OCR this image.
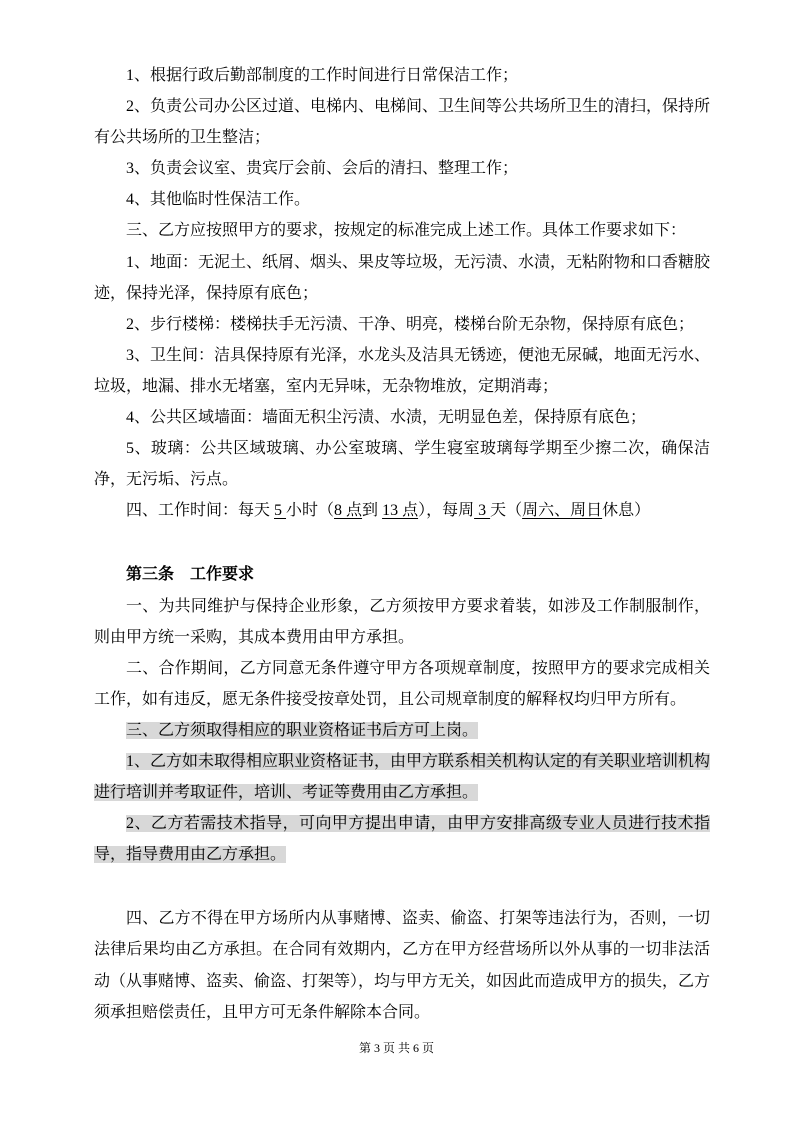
1、根据行政后勤部制度的工作时间进行日常保洁工作；

2、负责公司办公区过道、电梯内、电梯间、卫生间等公共场所卫生的清扫，保持所有公共场所的卫生整洁；

3、负责会议室、贵宾厅会前、会后的清扫、整理工作；

4、其他临时性保洁工作。

三、乙方应按照甲方的要求，按规定的标准完成上述工作。具体工作要求如下：

1、地面：无泥土、纸屑、烟头、果皮等垃圾，无污渍、水渍，无粘附物和口香糖胶迹，保持光泽，保持原有底色；

2、步行楼梯：楼梯扶手无污渍、干净、明亮，楼梯台阶无杂物，保持原有底色；

3、卫生间：洁具保持原有光泽，水龙头及洁具无锈迹，便池无尿碱，地面无污水、垃圾，地漏、排水无堵塞，室内无异味，无杂物堆放，定期消毒；

4、公共区域墙面：墙面无积尘污渍、水渍，无明显色差，保持原有底色；

5、玻璃：公共区域玻璃、办公室玻璃、学生寝室玻璃每学期至少擦二次，确保洁净，无污垢、污点。

四、工作时间：每天 5 小时（8 点到 13 点），每周 3 天（周六、周日休息）

第三条　工作要求

一、为共同维护与保持企业形象，乙方须按甲方要求着装，如涉及工作制服制作，则由甲方统一采购，其成本费用由甲方承担。

二、合作期间，乙方同意无条件遵守甲方各项规章制度，按照甲方的要求完成相关工作，如有违反，愿无条件接受按章处罚，且公司规章制度的解释权均归甲方所有。

三、乙方须取得相应的职业资格证书后方可上岗。

1、乙方如未取得相应职业资格证书，由甲方联系相关机构认定的有关职业培训机构进行培训并考取证件，培训、考证等费用由乙方承担。

2、乙方若需技术指导，可向甲方提出申请，由甲方安排高级专业人员进行技术指导，指导费用由乙方承担。

四、乙方不得在甲方场所内从事赌博、盗卖、偷盗、打架等违法行为，否则，一切法律后果均由乙方承担。在合同有效期内，乙方在甲方经营场所以外从事的一切非法活动（从事赌博、盗卖、偷盗、打架等），均与甲方无关，如因此而造成甲方的损失，乙方须承担赔偿责任，且甲方可无条件解除本合同。

第 3 页 共 6 页
